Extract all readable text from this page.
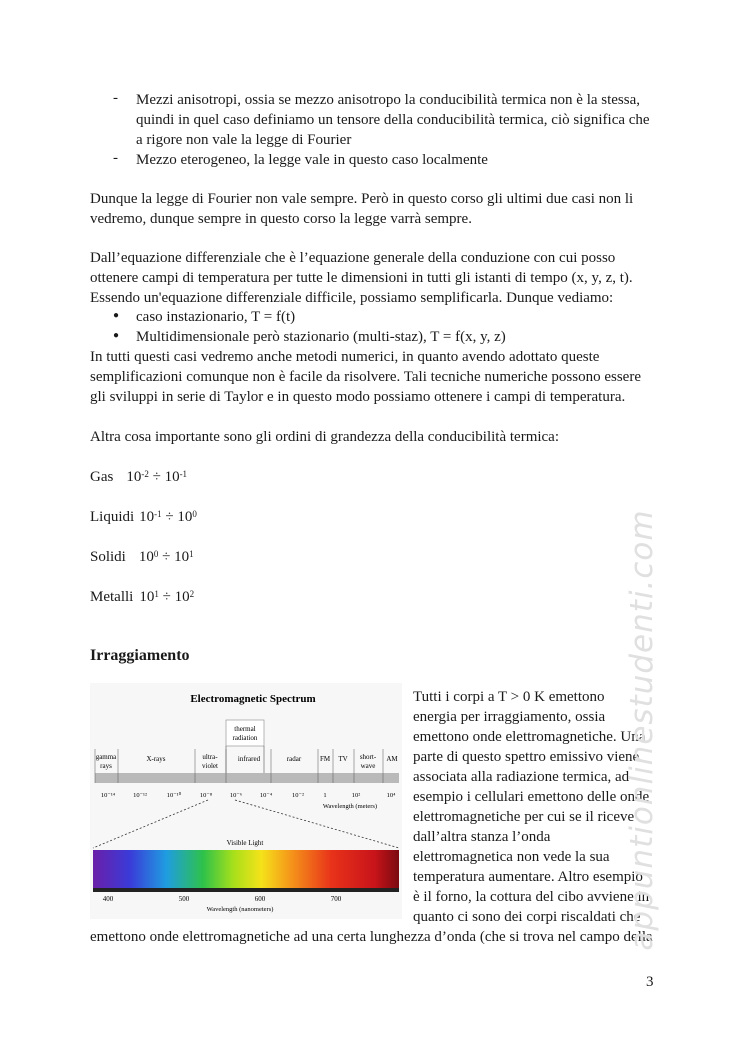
- Mezzi anisotropi, ossia se mezzo anisotropo la conducibilità termica non è la stessa,
quindi in quel caso definiamo un tensore della conducibilità termica, ciò significa che
a rigore non vale la legge di Fourier
- Mezzo eterogeneo, la legge vale in questo caso localmente
Dunque la legge di Fourier non vale sempre. Però in questo corso gli ultimi due casi non li
vedremo, dunque sempre in questo corso la legge varrà sempre.
Dall’equazione differenziale che è l’equazione generale della conduzione con cui posso
ottenere campi di temperatura per tutte le dimensioni in tutti gli istanti di tempo (x, y, z, t).
Essendo un'equazione differenziale difficile, possiamo semplificarla. Dunque vediamo:
● caso instazionario, T = f(t)
● Multidimensionale però stazionario (multi-staz), T = f(x, y, z)
In tutti questi casi vedremo anche metodi numerici, in quanto avendo adottato queste
semplificazioni comunque non è facile da risolvere. Tali tecniche numeriche possono essere
gli sviluppi in serie di Taylor e in questo modo possiamo ottenere i campi di temperatura.
Altra cosa importante sono gli ordini di grandezza della conducibilità termica:
Gas $10^{-2} \div 10^{-1}$
Liquidi $10^{-1} \div 10^0$
Solidi $10^0 \div 10^1$
Metalli $10^1 \div 10^2$
Irraggiamento
Electromagnetic Spectrum
thermal
radiation
gamma
rays
X-rays	ultra-
violet
infrared	radar	FM TV short-
wave
AM
10⁻¹⁴	10⁻¹²	10⁻¹⁰	10⁻⁸	10⁻⁶	10⁻⁴	10⁻²	1	10²	10⁴
Wavelength (meters)
Visible Light
400	500	600	700
Wavelength (nanometers)
Tutti i corpi a T > 0 K emettono
energia per irraggiamento, ossia
emettono onde elettromagnetiche. Una
parte di questo spettro emissivo viene
associata alla radiazione termica, ad
esempio i cellulari emettono delle onde
elettromagnetiche per cui se il riceve
dall’altra stanza l’onda
elettromagnetica non vede la sua
temperatura aumentare. Altro esempio
è il forno, la cottura del cibo avviene in
quanto ci sono dei corpi riscaldati che
emettono onde elettromagnetiche ad una certa lunghezza d’onda (che si trova nel campo della
appuntionlinestudenti.com
3
